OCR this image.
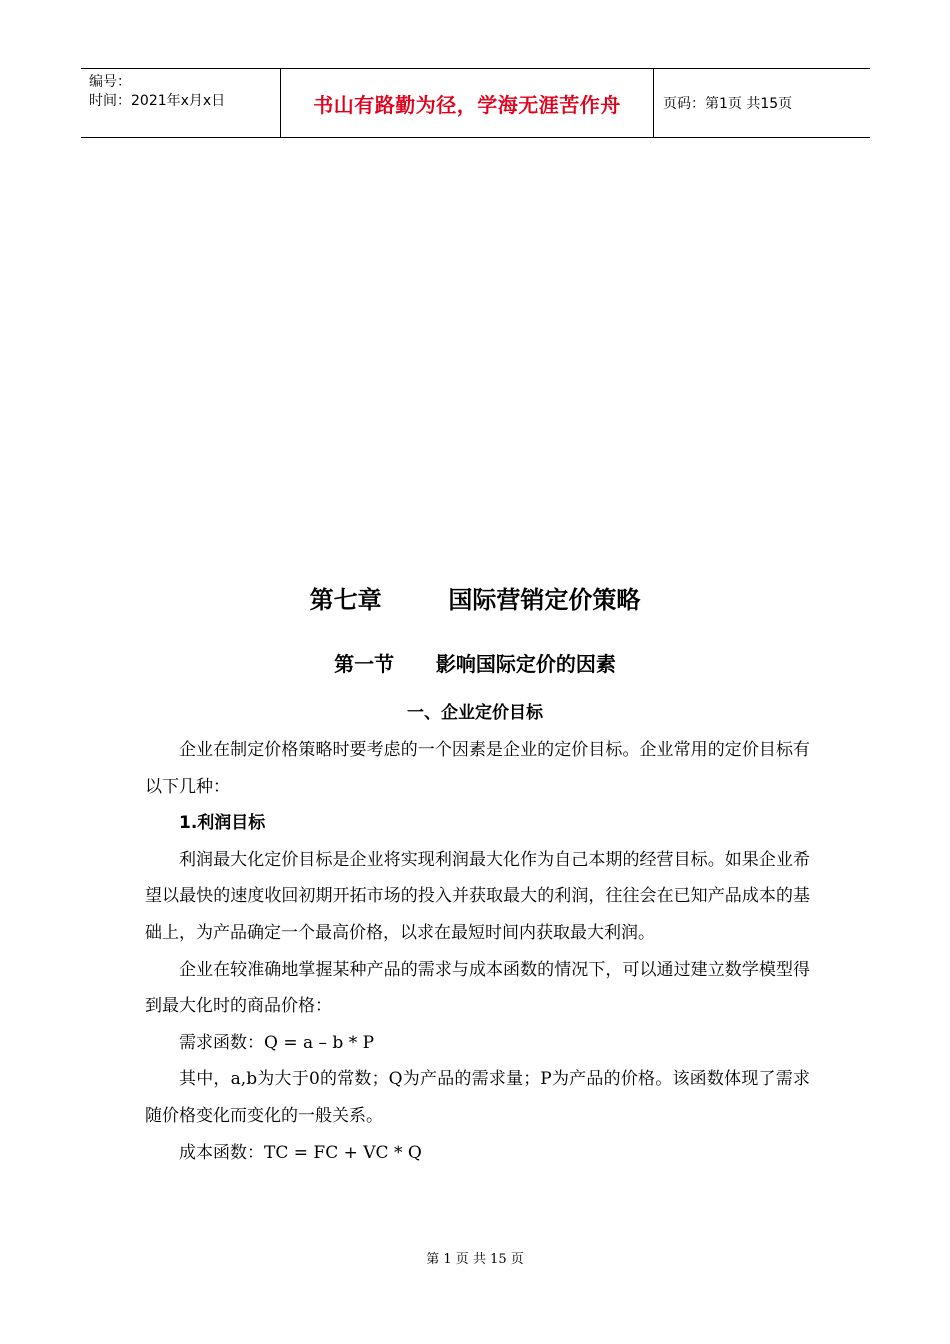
编号：
时间：2021年x月x日	书山有路勤为径，学海无涯苦作舟	页码：第1页 共15页
第七章        国际营销定价策略
第一节      影响国际定价的因素
一、企业定价目标

企业在制定价格策略时要考虑的一个因素是企业的定价目标。企业常用的定价目标有以下几种：

1.利润目标

利润最大化定价目标是企业将实现利润最大化作为自己本期的经营目标。如果企业希望以最快的速度收回初期开拓市场的投入并获取最大的利润，往往会在已知产品成本的基础上，为产品确定一个最高价格，以求在最短时间内获取最大利润。

企业在较准确地掌握某种产品的需求与成本函数的情况下，可以通过建立数学模型得到最大化时的商品价格：

需求函数：Q = a – b * P

其中，a,b为大于0的常数；Q为产品的需求量；P为产品的价格。该函数体现了需求随价格变化而变化的一般关系。

成本函数：TC = FC + VC * Q

第 1 页 共 15 页
